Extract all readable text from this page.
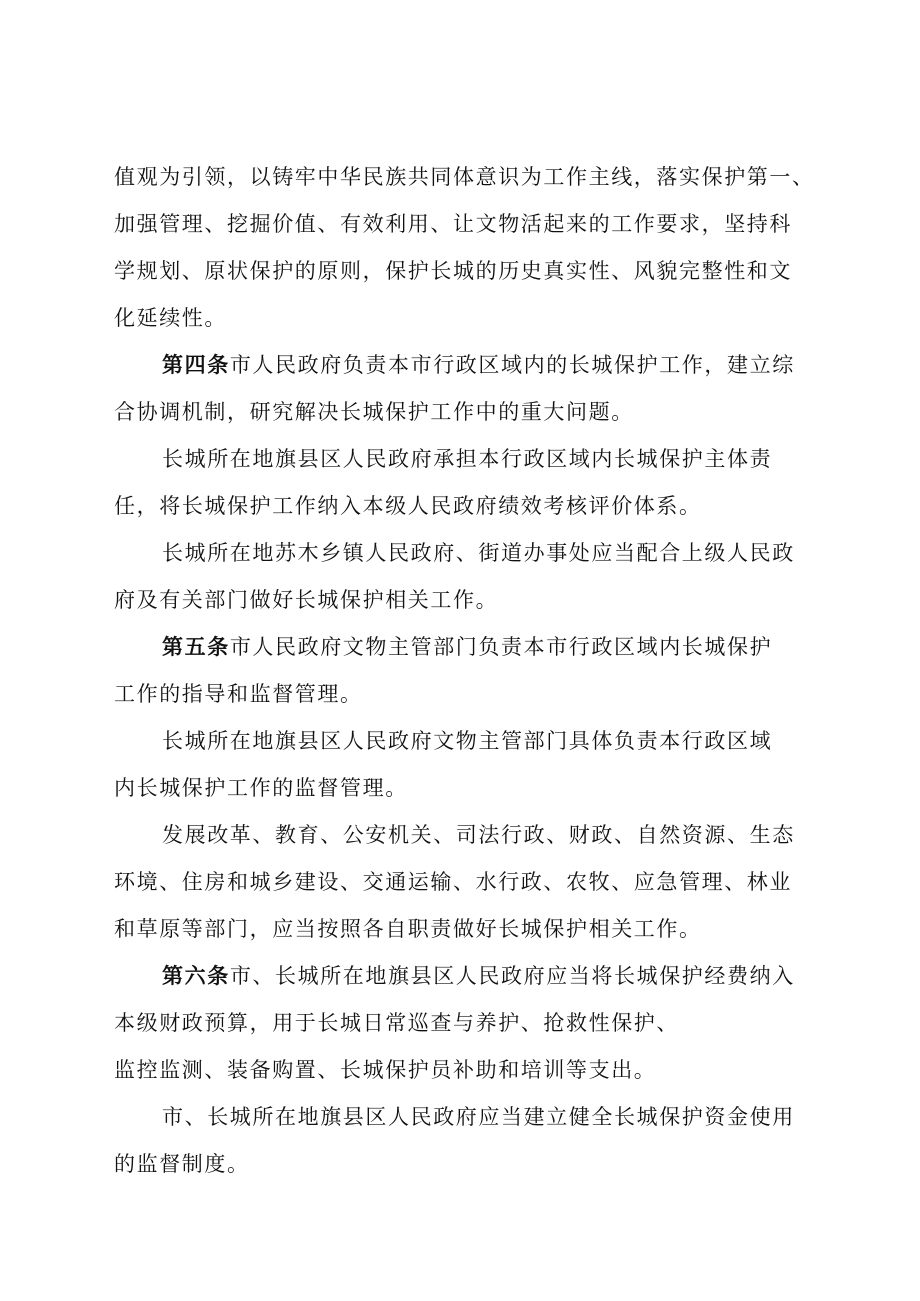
值观为引领，以铸牢中华民族共同体意识为工作主线，落实保护第一、
加强管理、挖掘价值、有效利用、让文物活起来的工作要求，坚持科
学规划、原状保护的原则，保护长城的历史真实性、风貌完整性和文
化延续性。
第四条市人民政府负责本市行政区域内的长城保护工作，建立综
合协调机制，研究解决长城保护工作中的重大问题。
长城所在地旗县区人民政府承担本行政区域内长城保护主体责
任，将长城保护工作纳入本级人民政府绩效考核评价体系。
长城所在地苏木乡镇人民政府、街道办事处应当配合上级人民政
府及有关部门做好长城保护相关工作。
第五条市人民政府文物主管部门负责本市行政区域内长城保护
工作的指导和监督管理。
长城所在地旗县区人民政府文物主管部门具体负责本行政区域
内长城保护工作的监督管理。
发展改革、教育、公安机关、司法行政、财政、自然资源、生态
环境、住房和城乡建设、交通运输、水行政、农牧、应急管理、林业
和草原等部门，应当按照各自职责做好长城保护相关工作。
第六条市、长城所在地旗县区人民政府应当将长城保护经费纳入
本级财政预算，用于长城日常巡查与养护、抢救性保护、
监控监测、装备购置、长城保护员补助和培训等支出。
市、长城所在地旗县区人民政府应当建立健全长城保护资金使用
的监督制度。
